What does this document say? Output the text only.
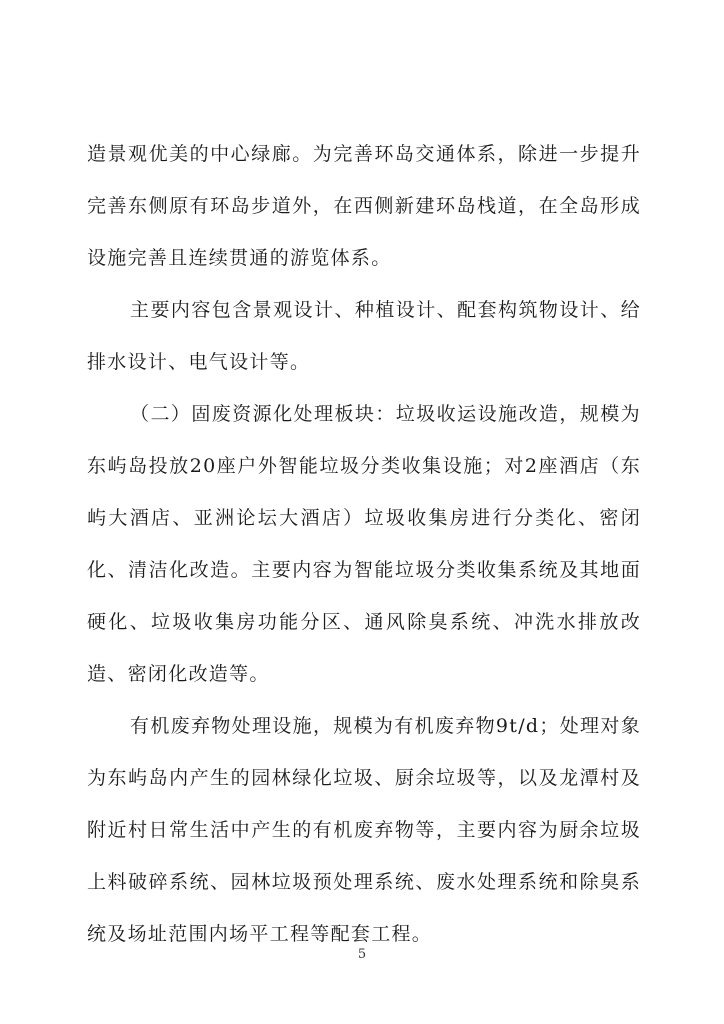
造景观优美的中心绿廊。为完善环岛交通体系，除进一步提升完善东侧原有环岛步道外，在西侧新建环岛栈道，在全岛形成设施完善且连续贯通的游览体系。

主要内容包含景观设计、种植设计、配套构筑物设计、给排水设计、电气设计等。

（二）固废资源化处理板块：垃圾收运设施改造，规模为东屿岛投放20座户外智能垃圾分类收集设施；对2座酒店（东屿大酒店、亚洲论坛大酒店）垃圾收集房进行分类化、密闭化、清洁化改造。主要内容为智能垃圾分类收集系统及其地面硬化、垃圾收集房功能分区、通风除臭系统、冲洗水排放改造、密闭化改造等。

有机废弃物处理设施，规模为有机废弃物9t/d；处理对象为东屿岛内产生的园林绿化垃圾、厨余垃圾等，以及龙潭村及附近村日常生活中产生的有机废弃物等，主要内容为厨余垃圾上料破碎系统、园林垃圾预处理系统、废水处理系统和除臭系统及场址范围内场平工程等配套工程。

5
